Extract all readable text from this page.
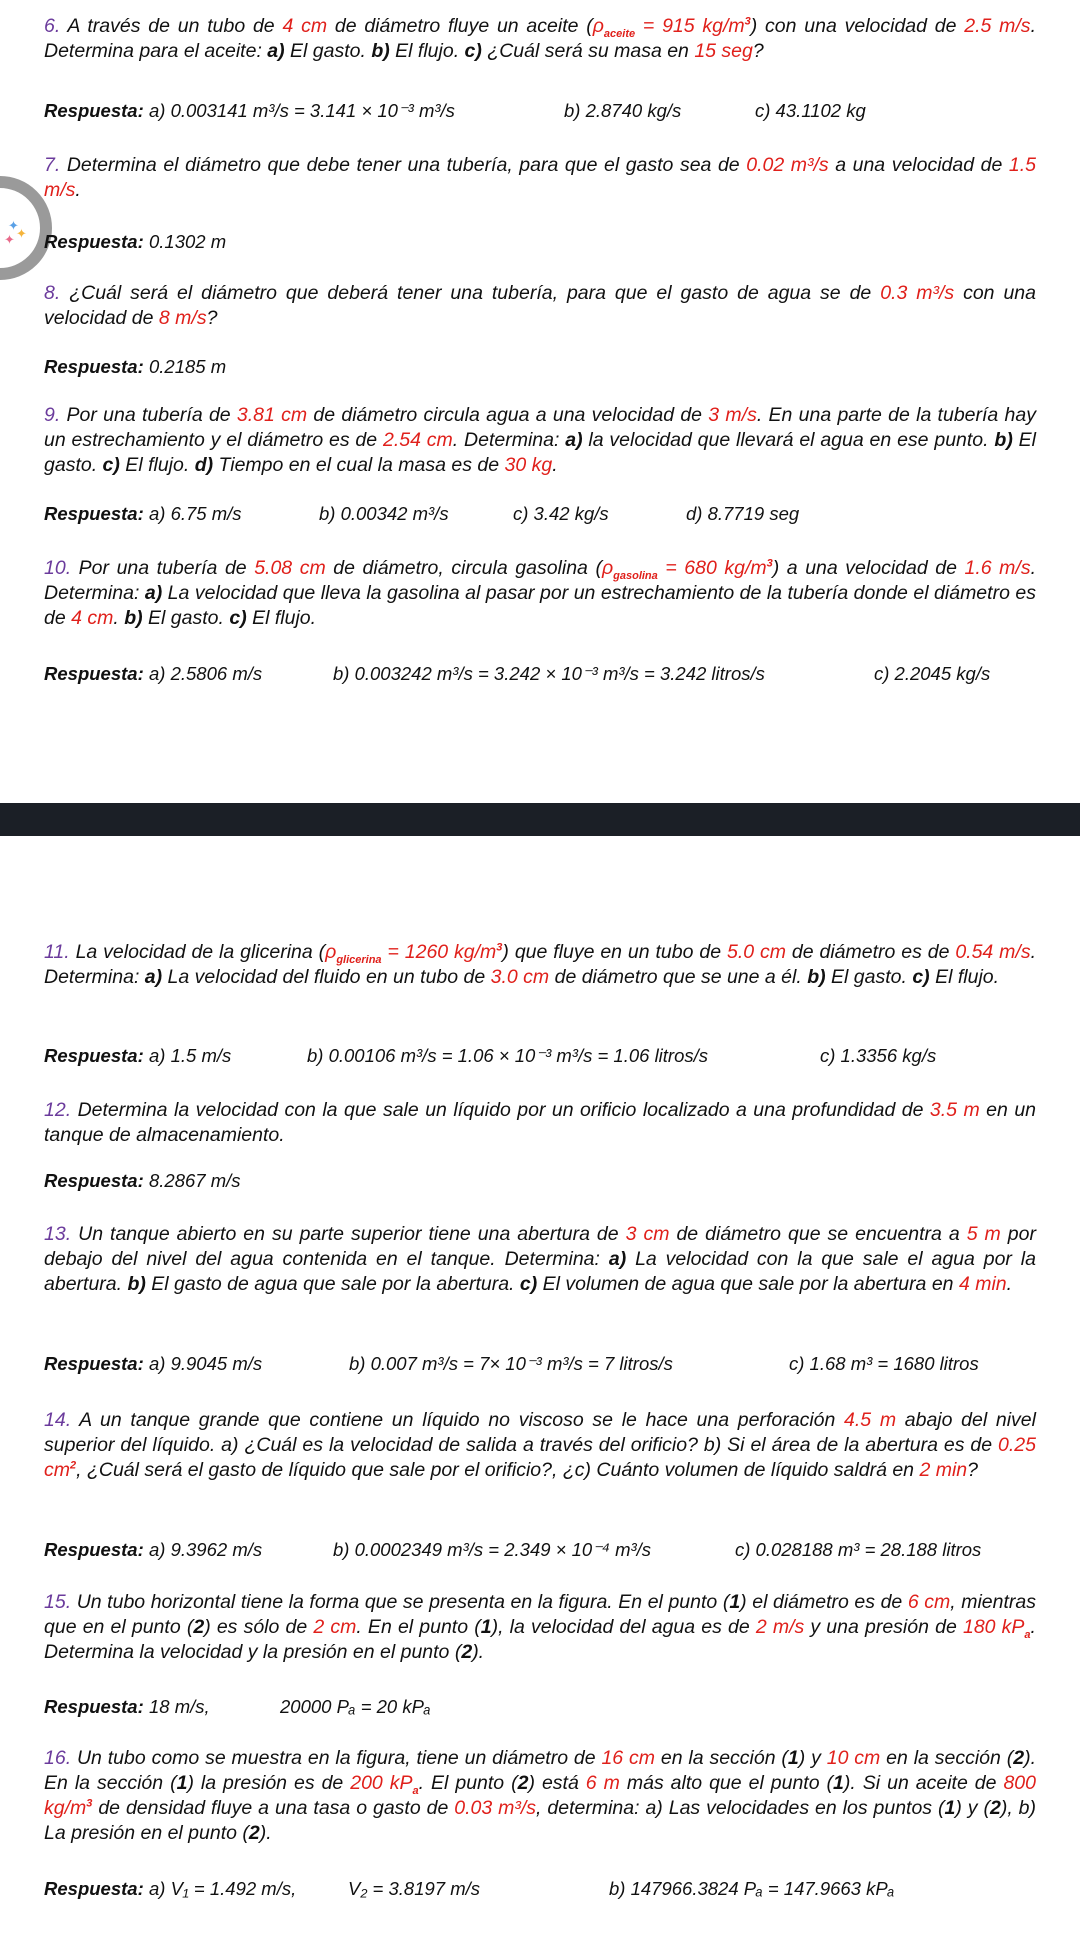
✦
✦
✦
6. A través de un tubo de 4 cm de diámetro fluye un aceite ($\rho_{aceite} = 915$ $kg/m^3$) con una velocidad de 2.5 m/s. Determina para el aceite: a) El gasto. b) El flujo. c) ¿Cuál será su masa en 15 seg?
Respuesta: a) 0.003141 m³/s = 3.141 × 10⁻³ m³/s	b) 2.8740 kg/s	c) 43.1102 kg
7. Determina el diámetro que debe tener una tubería, para que el gasto sea de 0.02 m³/s a una velocidad de 1.5 m/s.
Respuesta: 0.1302 m
8. ¿Cuál será el diámetro que deberá tener una tubería, para que el gasto de agua se de 0.3 m³/s con una velocidad de 8 m/s?
Respuesta: 0.2185 m
9. Por una tubería de 3.81 cm de diámetro circula agua a una velocidad de 3 m/s. En una parte de la tubería hay un estrechamiento y el diámetro es de 2.54 cm. Determina: a) la velocidad que llevará el agua en ese punto. b) El gasto. c) El flujo. d) Tiempo en el cual la masa es de 30 kg.
Respuesta: a) 6.75 m/s	b) 0.00342 m³/s	c) 3.42 kg/s	d) 8.7719 seg
10. Por una tubería de 5.08 cm de diámetro, circula gasolina ($\rho_{gasolina} = 680$ $kg/m^3$) a una velocidad de 1.6 m/s. Determina: a) La velocidad que lleva la gasolina al pasar por un estrechamiento de la tubería donde el diámetro es de 4 cm. b) El gasto. c) El flujo.
Respuesta: a) 2.5806 m/s	b) 0.003242 m³/s = 3.242 × 10⁻³ m³/s = 3.242 litros/s	c) 2.2045 kg/s
11. La velocidad de la glicerina ($\rho_{glicerina} = 1260$ $kg/m^3$) que fluye en un tubo de 5.0 cm de diámetro es de 0.54 m/s. Determina: a) La velocidad del fluido en un tubo de 3.0 cm de diámetro que se une a él. b) El gasto. c) El flujo.
Respuesta: a) 1.5 m/s	b) 0.00106 m³/s = 1.06 × 10⁻³ m³/s = 1.06 litros/s	c) 1.3356 kg/s
12. Determina la velocidad con la que sale un líquido por un orificio localizado a una profundidad de 3.5 m en un tanque de almacenamiento.
Respuesta: 8.2867 m/s
13. Un tanque abierto en su parte superior tiene una abertura de 3 cm de diámetro que se encuentra a 5 m por debajo del nivel del agua contenida en el tanque. Determina: a) La velocidad con la que sale el agua por la abertura. b) El gasto de agua que sale por la abertura. c) El volumen de agua que sale por la abertura en 4 min.
Respuesta: a) 9.9045 m/s	b) 0.007 m³/s = 7× 10⁻³ m³/s = 7 litros/s	c) 1.68 m³ = 1680 litros
14. A un tanque grande que contiene un líquido no viscoso se le hace una perforación 4.5 m abajo del nivel superior del líquido. a) ¿Cuál es la velocidad de salida a través del orificio? b) Si el área de la abertura es de 0.25 $cm^2$, ¿Cuál será el gasto de líquido que sale por el orificio?, ¿c) Cuánto volumen de líquido saldrá en 2 min?
Respuesta: a) 9.3962 m/s	b) 0.0002349 m³/s = 2.349 × 10⁻⁴ m³/s	c) 0.028188 m³ = 28.188 litros
15. Un tubo horizontal tiene la forma que se presenta en la figura. En el punto (1) el diámetro es de 6 cm, mientras que en el punto (2) es sólo de 2 cm. En el punto (1), la velocidad del agua es de 2 m/s y una presión de 180 $kP_a$. Determina la velocidad y la presión en el punto (2).
Respuesta: 18 m/s,	20000 Pₐ = 20 kPₐ
16. Un tubo como se muestra en la figura, tiene un diámetro de 16 cm en la sección (1) y 10 cm en la sección (2). En la sección (1) la presión es de 200 $kP_a$. El punto (2) está 6 m más alto que el punto (1). Si un aceite de 800 $kg/m^3$ de densidad fluye a una tasa o gasto de 0.03 m³/s, determina: a) Las velocidades en los puntos (1) y (2), b) La presión en el punto (2).
Respuesta: a) V₁ = 1.492 m/s,	V₂ = 3.8197 m/s	b) 147966.3824 Pₐ = 147.9663 kPₐ
